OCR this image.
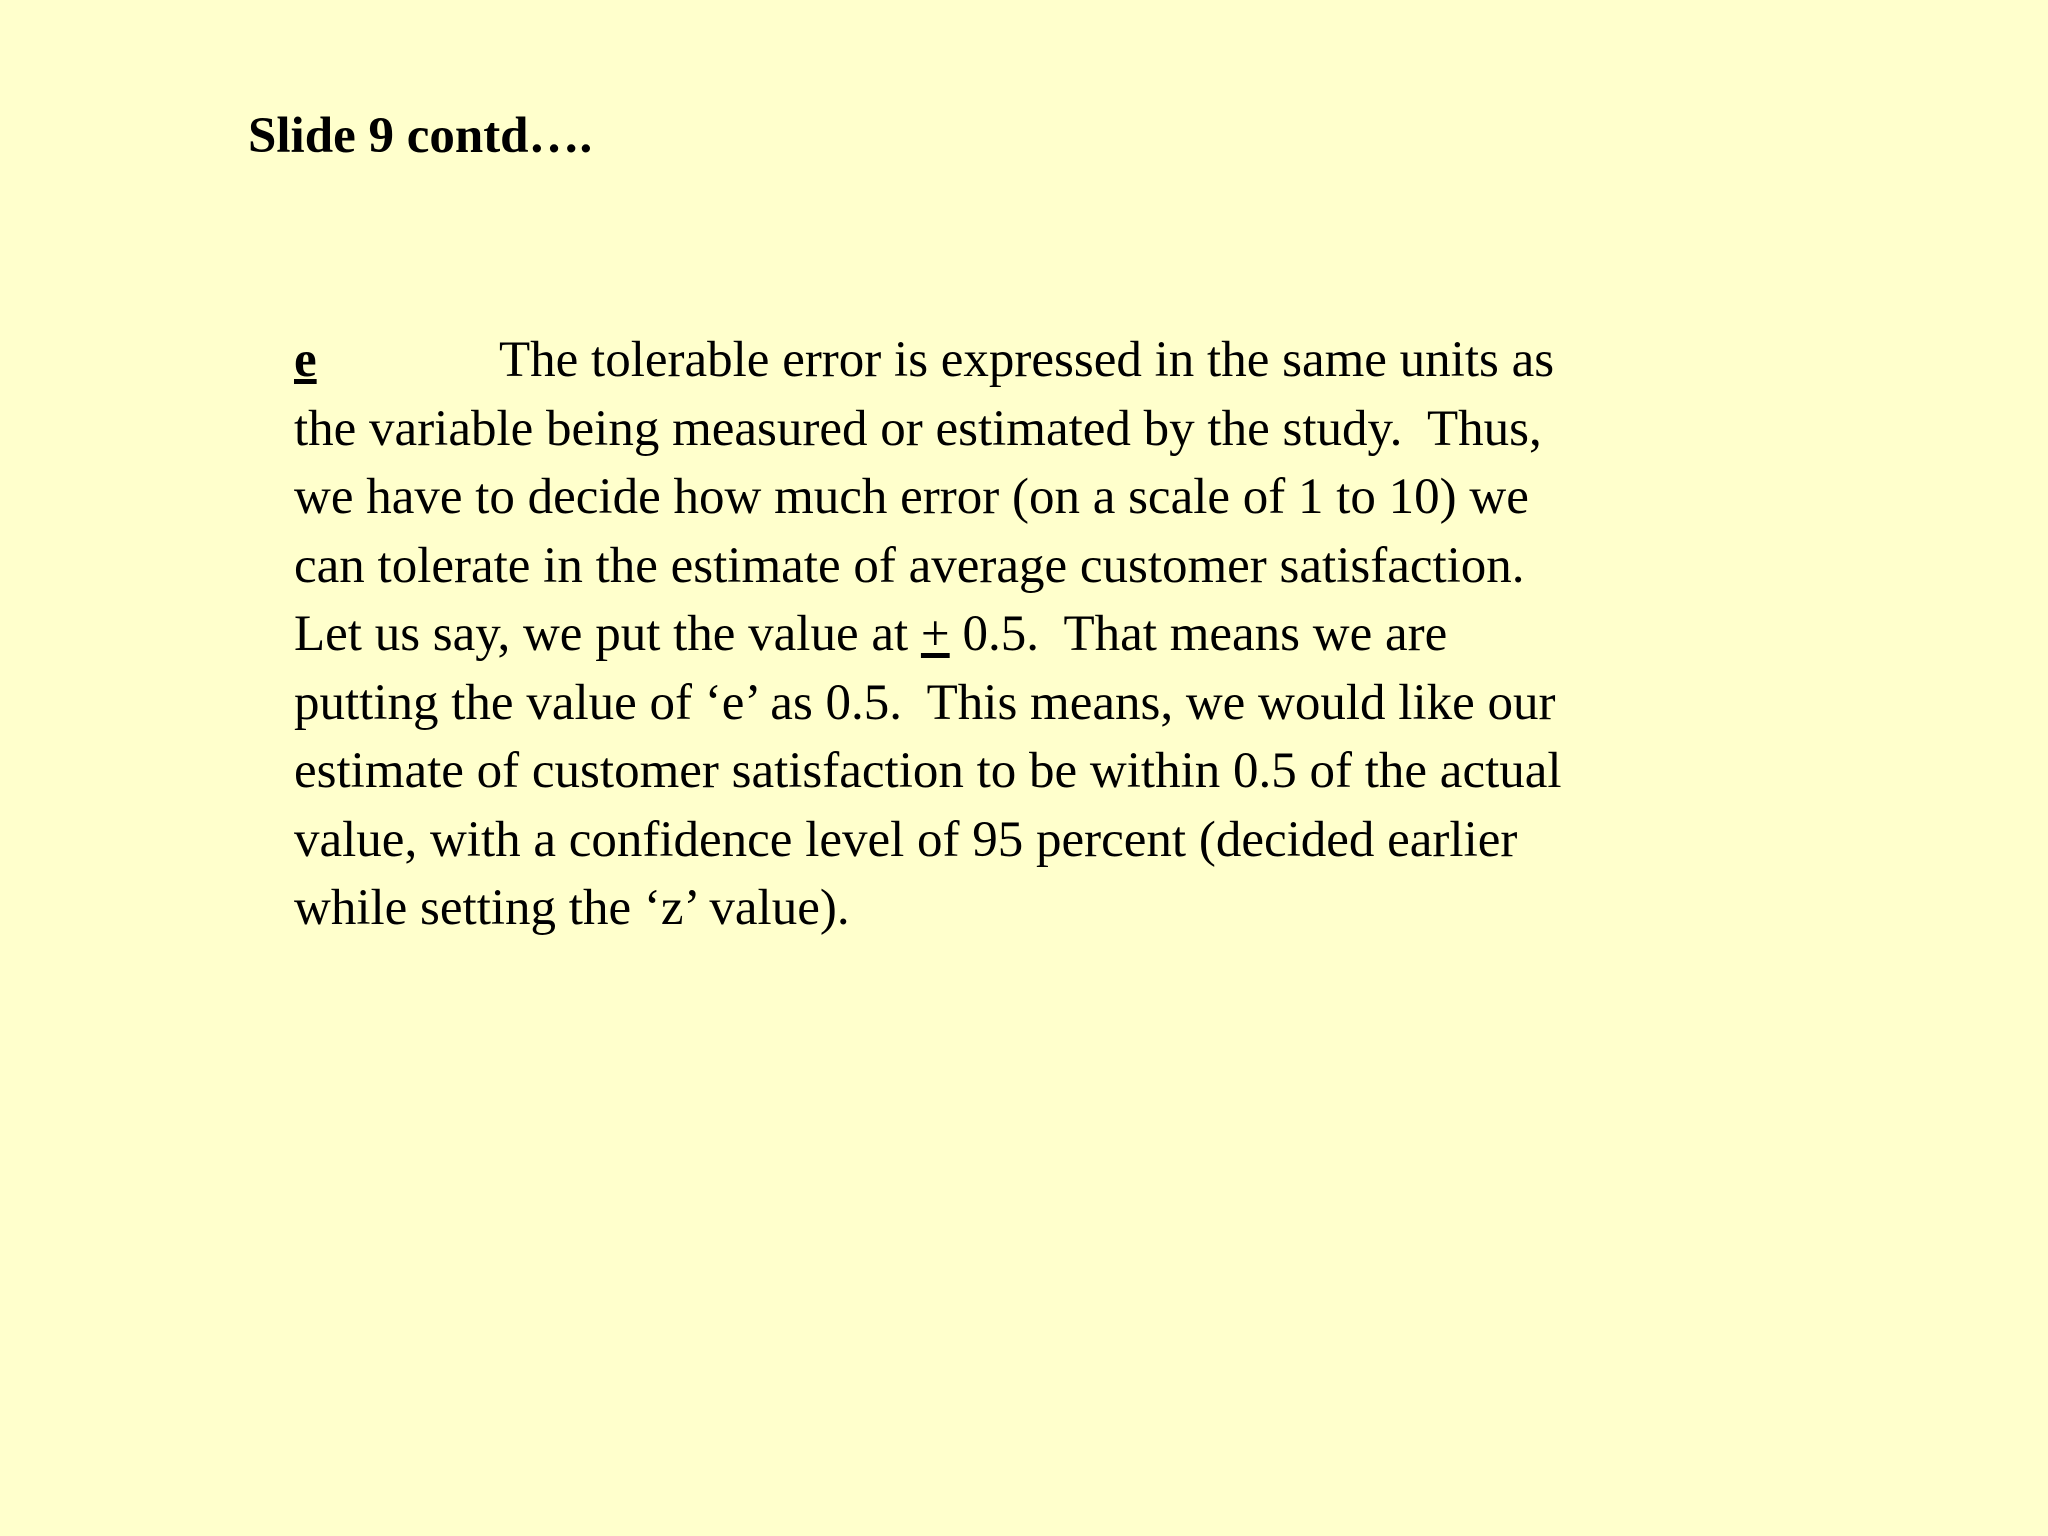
Slide 9 contd….
e	The tolerable error is expressed in the same units as
the variable being measured or estimated by the study.  Thus,
we have to decide how much error (on a scale of 1 to 10) we
can tolerate in the estimate of average customer satisfaction.
Let us say, we put the value at + 0.5.  That means we are
putting the value of ‘e’ as 0.5.  This means, we would like our
estimate of customer satisfaction to be within 0.5 of the actual
value, with a confidence level of 95 percent (decided earlier
while setting the ‘z’ value).
